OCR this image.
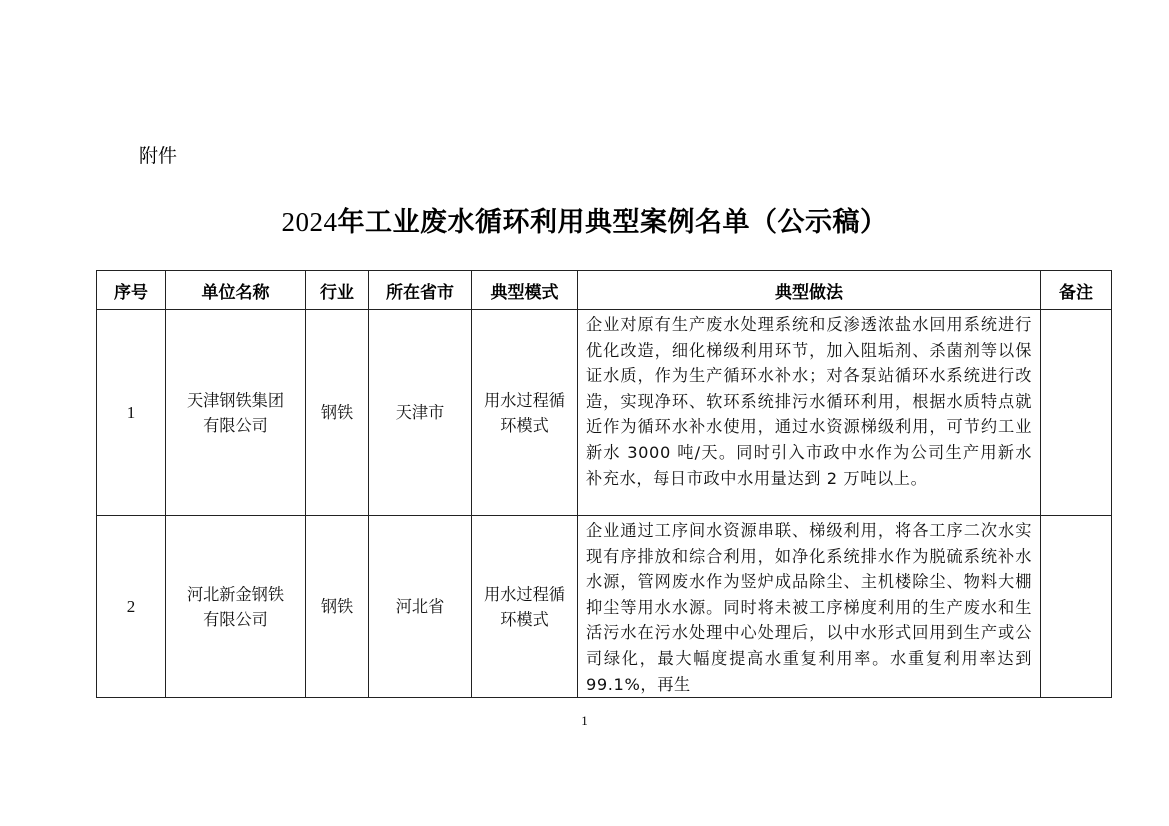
附件
2024年工业废水循环利用典型案例名单（公示稿）
序号	单位名称	行业	所在省市	典型模式	典型做法	备注
1	天津钢铁集团有限公司	钢铁	天津市	用水过程循环模式	企业对原有生产废水处理系统和反渗透浓盐水回用系统进行优化改造，细化梯级利用环节，加入阻垢剂、杀菌剂等以保证水质，作为生产循环水补水；对各泵站循环水系统进行改造，实现净环、软环系统排污水循环利用，根据水质特点就近作为循环水补水使用，通过水资源梯级利用，可节约工业新水 3000 吨/天。同时引入市政中水作为公司生产用新水补充水，每日市政中水用量达到 2 万吨以上。	
2	河北新金钢铁有限公司	钢铁	河北省	用水过程循环模式	企业通过工序间水资源串联、梯级利用，将各工序二次水实现有序排放和综合利用，如净化系统排水作为脱硫系统补水水源，管网废水作为竖炉成品除尘、主机楼除尘、物料大棚抑尘等用水水源。同时将未被工序梯度利用的生产废水和生活污水在污水处理中心处理后，以中水形式回用到生产或公司绿化，最大幅度提高水重复利用率。水重复利用率达到 99.1%，再生	
1
